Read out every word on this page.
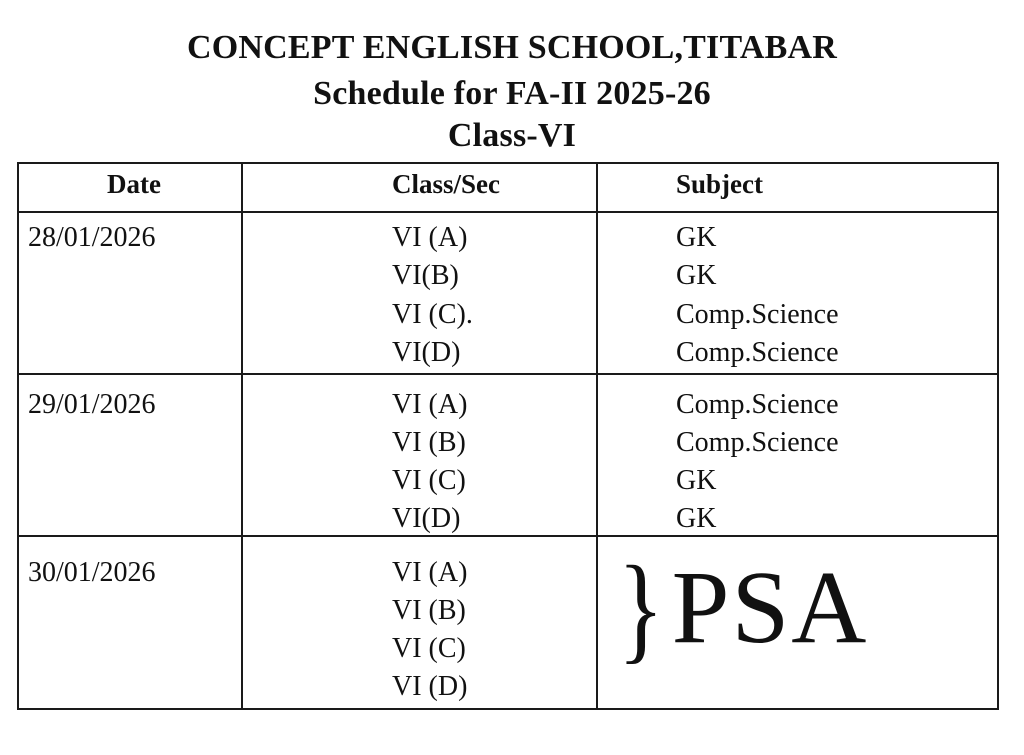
CONCEPT ENGLISH SCHOOL,TITABAR
Schedule for FA-II 2025-26
Class-VI
Date	Class/Sec	Subject
28/01/2026	VI (A)	GK
VI(B)	GK
VI (C).	Comp.Science
VI(D)	Comp.Science
29/01/2026	VI (A)	Comp.Science
VI (B)	Comp.Science
VI (C)	GK
VI(D)	GK
30/01/2026	VI (A)
VI (B)
VI (C)
VI (D)
}PSA
